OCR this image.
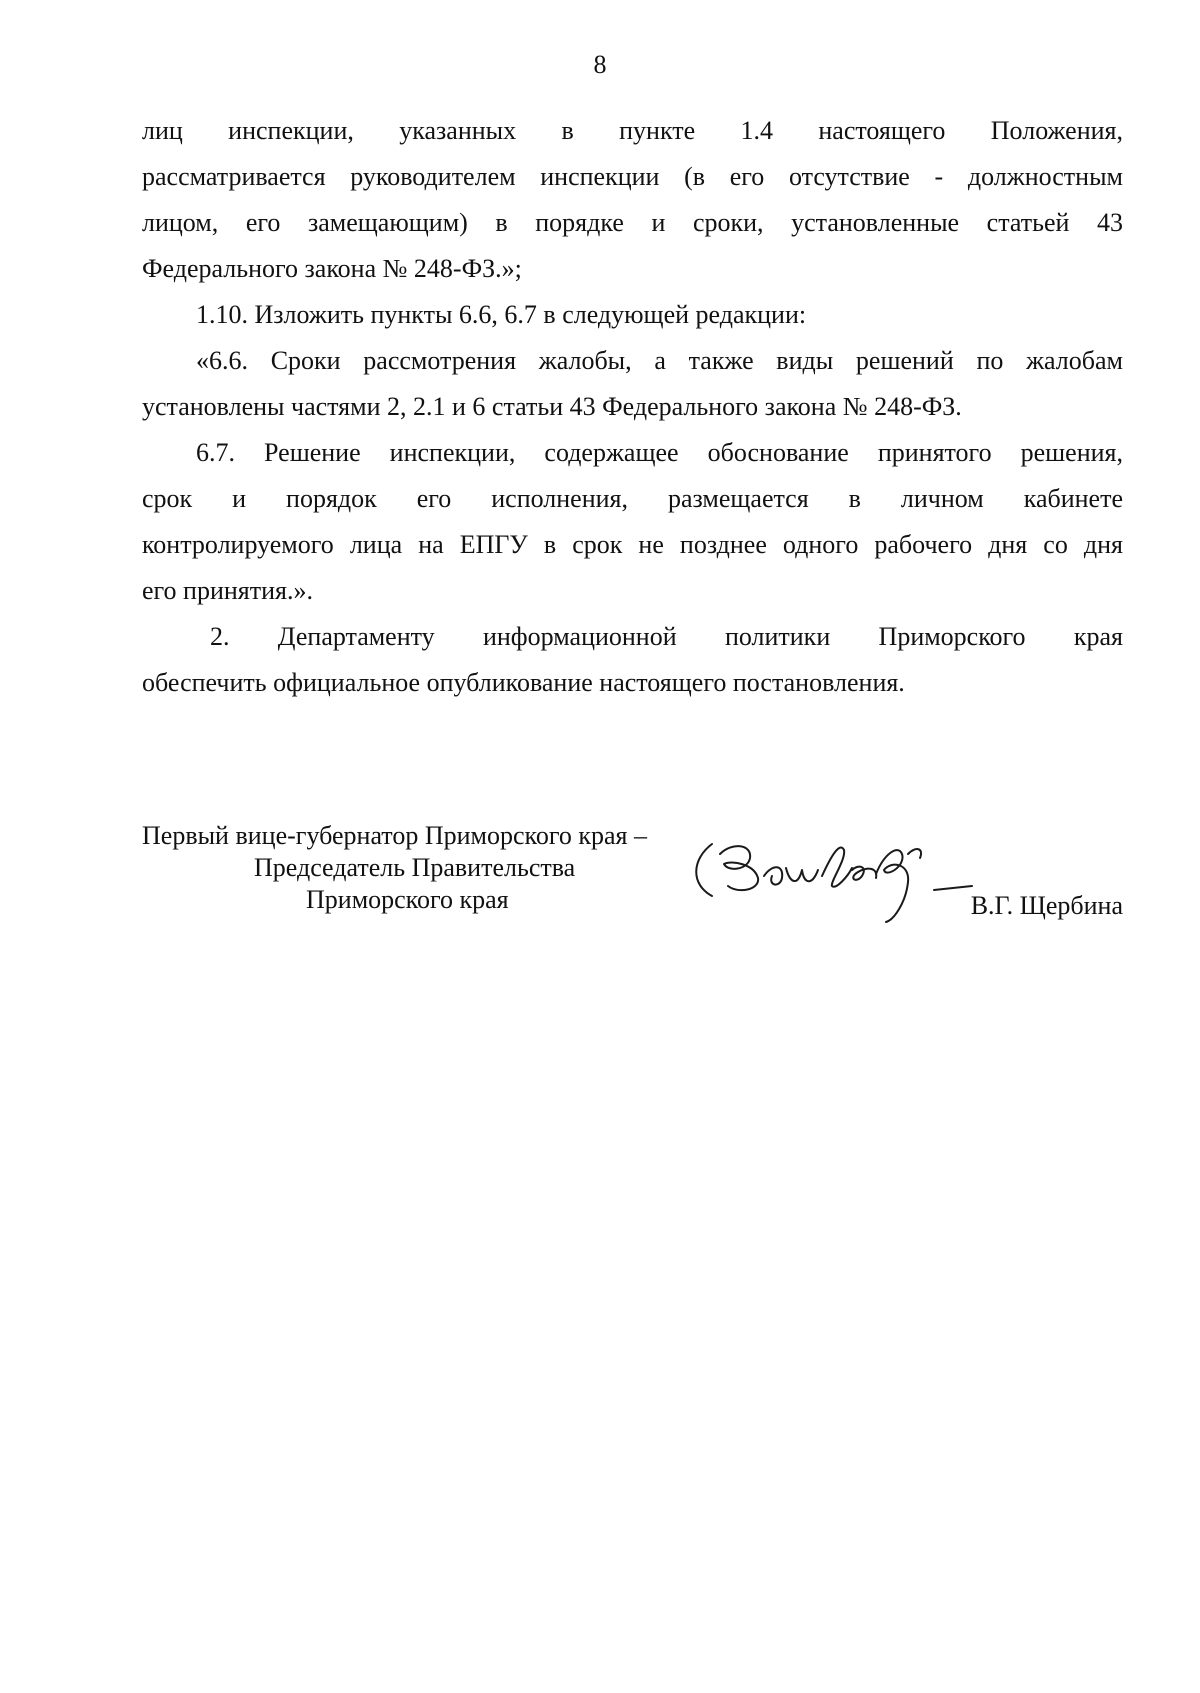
8

лиц инспекции, указанных в пункте 1.4 настоящего Положения,
рассматривается руководителем инспекции (в его отсутствие - должностным
лицом, его замещающим) в порядке и сроки, установленные статьей 43
Федерального закона № 248-ФЗ.»;

1.10. Изложить пункты 6.6, 6.7 в следующей редакции:

«6.6. Сроки рассмотрения жалобы, а также виды решений по жалобам
установлены частями 2, 2.1 и 6 статьи 43 Федерального закона № 248-ФЗ.

6.7. Решение инспекции, содержащее обоснование принятого решения,
срок и порядок его исполнения, размещается в личном кабинете
контролируемого лица на ЕПГУ в срок не позднее одного рабочего дня со дня
его принятия.».

2. Департаменту информационной политики Приморского края
обеспечить официальное опубликование настоящего постановления.

Первый вице-губернатор Приморского края –
Председатель Правительства
Приморского края	В.Г. Щербина
